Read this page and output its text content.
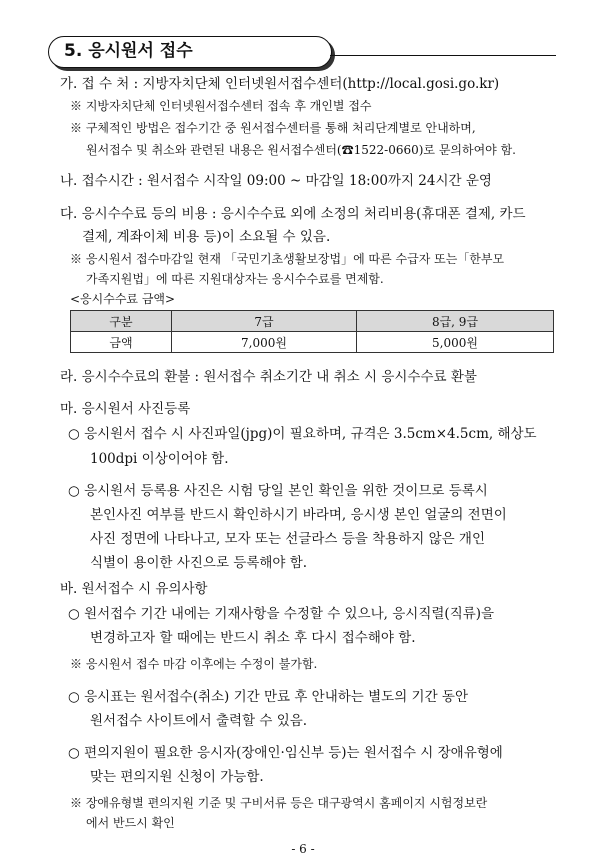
5. 응시원서 접수
가. 접 수 처 : 지방자치단체 인터넷원서접수센터(http://local.gosi.go.kr)
※ 지방자치단체 인터넷원서접수센터 접속 후 개인별 접수
※ 구체적인 방법은 접수기간 중 원서접수센터를 통해 처리단계별로 안내하며,
원서접수 및 취소와 관련된 내용은 원서접수센터(☎1522-0660)로 문의하여야 함.
나. 접수시간 : 원서접수 시작일 09:00 ~ 마감일 18:00까지 24시간 운영
다. 응시수수료 등의 비용 : 응시수수료 외에 소정의 처리비용(휴대폰 결제, 카드
결제, 계좌이체 비용 등)이 소요될 수 있음.
※ 응시원서 접수마감일 현재 「국민기초생활보장법」에 따른 수급자 또는「한부모
가족지원법」에 따른 지원대상자는 응시수수료를 면제함.
<응시수수료 금액>
구분	7급	8급, 9급
금액	7,000원	5,000원
라. 응시수수료의 환불 : 원서접수 취소기간 내 취소 시 응시수수료 환불
마. 응시원서 사진등록
○ 응시원서 접수 시 사진파일(jpg)이 필요하며, 규격은 3.5cm×4.5cm, 해상도
100dpi 이상이어야 함.
○ 응시원서 등록용 사진은 시험 당일 본인 확인을 위한 것이므로 등록시
본인사진 여부를 반드시 확인하시기 바라며, 응시생 본인 얼굴의 전면이
사진 정면에 나타나고, 모자 또는 선글라스 등을 착용하지 않은 개인
식별이 용이한 사진으로 등록해야 함.
바. 원서접수 시 유의사항
○ 원서접수 기간 내에는 기재사항을 수정할 수 있으나, 응시직렬(직류)을
변경하고자 할 때에는 반드시 취소 후 다시 접수해야 함.
※ 응시원서 접수 마감 이후에는 수정이 불가함.
○ 응시표는 원서접수(취소) 기간 만료 후 안내하는 별도의 기간 동안
원서접수 사이트에서 출력할 수 있음.
○ 편의지원이 필요한 응시자(장애인·임신부 등)는 원서접수 시 장애유형에
맞는 편의지원 신청이 가능함.
※ 장애유형별 편의지원 기준 및 구비서류 등은 대구광역시 홈페이지 시험정보란
에서 반드시 확인
- 6 -
